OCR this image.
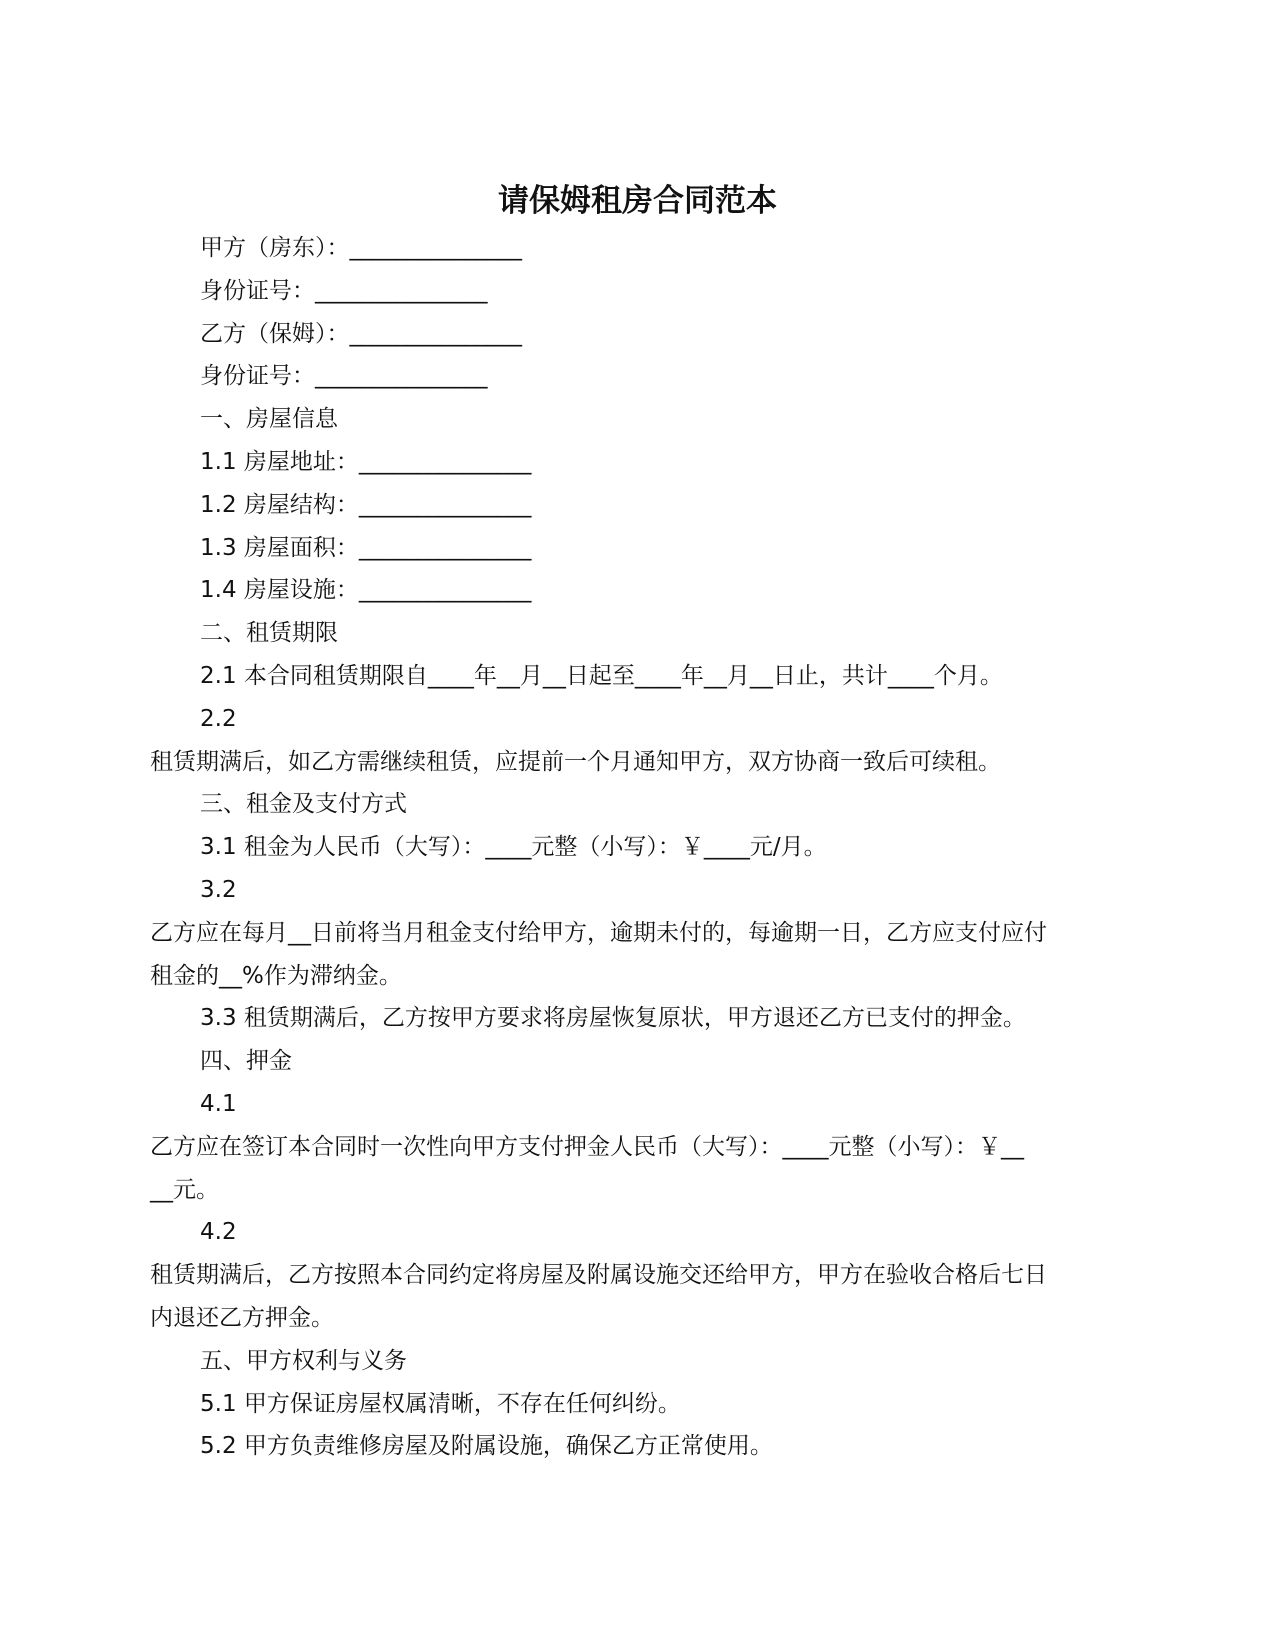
请保姆租房合同范本

甲方（房东）：_______________

身份证号：_______________

乙方（保姆）：_______________

身份证号：_______________

一、房屋信息

1.1 房屋地址：_______________

1.2 房屋结构：_______________

1.3 房屋面积：_______________

1.4 房屋设施：_______________

二、租赁期限

2.1 本合同租赁期限自____年__月__日起至____年__月__日止，共计____个月。

2.2

租赁期满后，如乙方需继续租赁，应提前一个月通知甲方，双方协商一致后可续租。

三、租金及支付方式

3.1 租金为人民币（大写）：____元整（小写）：￥____元/月。

3.2

乙方应在每月__日前将当月租金支付给甲方，逾期未付的，每逾期一日，乙方应支付应付

租金的__%作为滞纳金。

3.3 租赁期满后，乙方按甲方要求将房屋恢复原状，甲方退还乙方已支付的押金。

四、押金

4.1

乙方应在签订本合同时一次性向甲方支付押金人民币（大写）：____元整（小写）：￥__

__元。

4.2

租赁期满后，乙方按照本合同约定将房屋及附属设施交还给甲方，甲方在验收合格后七日

内退还乙方押金。

五、甲方权利与义务

5.1 甲方保证房屋权属清晰，不存在任何纠纷。

5.2 甲方负责维修房屋及附属设施，确保乙方正常使用。
